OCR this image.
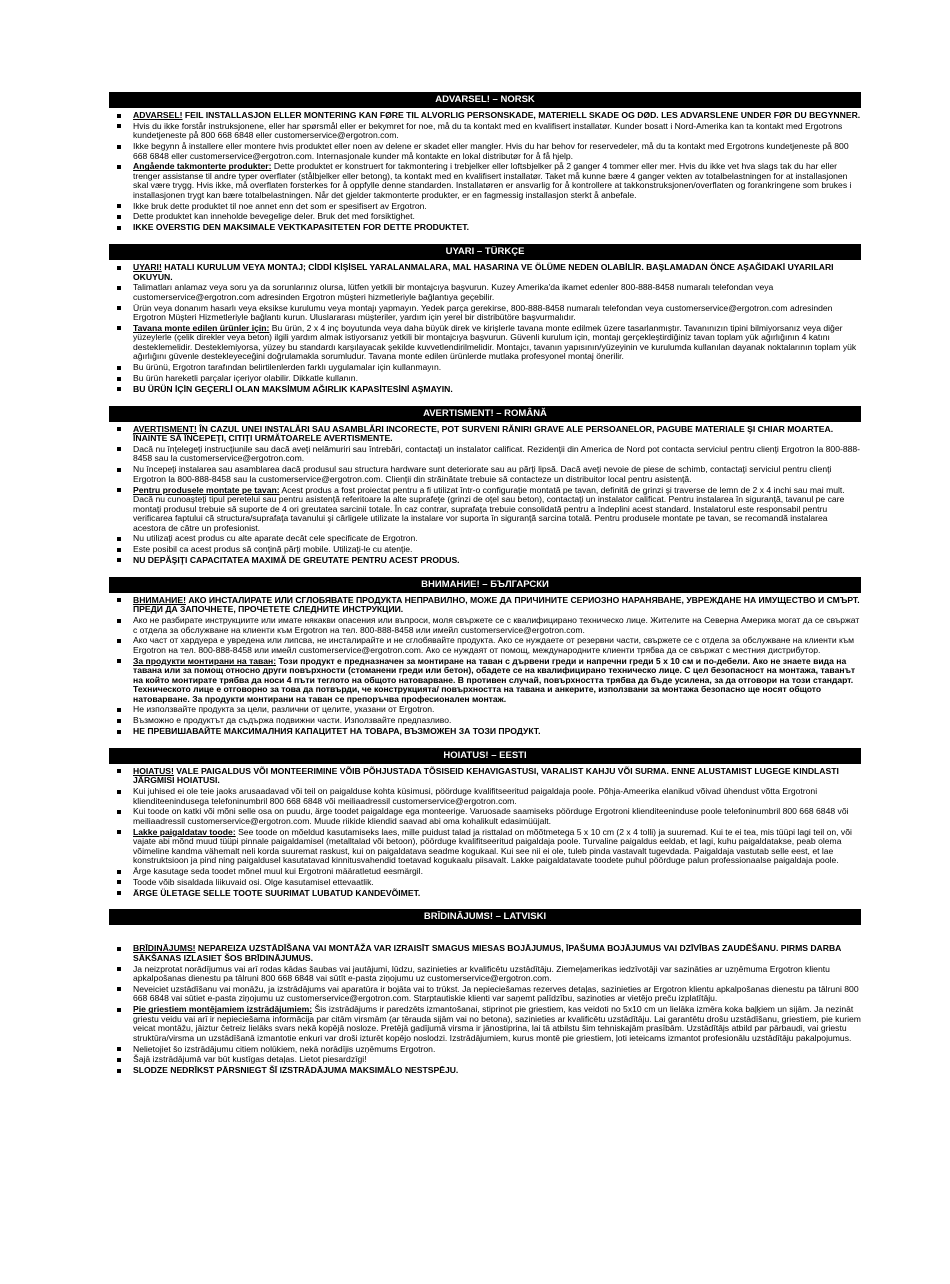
ADVARSEL! – NORSK
ADVARSEL! FEIL INSTALLASJON ELLER MONTERING KAN FØRE TIL ALVORLIG PERSONSKADE, MATERIELL SKADE OG DØD. LES ADVARSLENE UNDER FØR DU BEGYNNER.
Hvis du ikke forstår instruksjonene, eller har spørsmål eller er bekymret for noe, må du ta kontakt med en kvalifisert installatør. Kunder bosatt i Nord-Amerika kan ta kontakt med Ergotrons kundetjeneste på 800 668 6848 eller customerservice@ergotron.com.
Ikke begynn å installere eller montere hvis produktet eller noen av delene er skadet eller mangler. Hvis du har behov for reservedeler, må du ta kontakt med Ergotrons kundetjeneste på 800 668 6848 eller customerservice@ergotron.com. Internasjonale kunder må kontakte en lokal distributør for å få hjelp.
Angående takmonterte produkter: Dette produktet er konstruert for takmontering i trebjelker eller loftsbjelker på 2 ganger 4 tommer eller mer. Hvis du ikke vet hva slags tak du har eller trenger assistanse til andre typer overflater (stålbjelker eller betong), ta kontakt med en kvalifisert installatør. Taket må kunne bære 4 ganger vekten av totalbelastningen for at installasjonen skal være trygg. Hvis ikke, må overflaten forsterkes for å oppfylle denne standarden. Installatøren er ansvarlig for å kontrollere at takkonstruksjonen/overflaten og forankringene som brukes i installasjonen trygt kan bære totalbelastningen. Når det gjelder takmonterte produkter, er en fagmessig installasjon sterkt å anbefale.
Ikke bruk dette produktet til noe annet enn det som er spesifisert av Ergotron.
Dette produktet kan inneholde bevegelige deler. Bruk det med forsiktighet.
IKKE OVERSTIG DEN MAKSIMALE VEKTKAPASITETEN FOR DETTE PRODUKTET.
UYARI – TÜRKÇE
UYARI! HATALI KURULUM VEYA MONTAJ; CİDDİ KİŞİSEL YARALANMALARA, MAL HASARINA VE ÖLÜME NEDEN OLABİLİR. BAŞLAMADAN ÖNCE AŞAĞIDAKİ UYARILARI OKUYUN.
Talimatları anlamaz veya soru ya da sorunlarınız olursa, lütfen yetkili bir montajcıya başvurun. Kuzey Amerika'da ikamet edenler 800-888-8458 numaralı telefondan veya customerservice@ergotron.com adresinden Ergotron müşteri hizmetleriyle bağlantıya geçebilir.
Ürün veya donanım hasarlı veya eksikse kurulumu veya montajı yapmayın. Yedek parça gerekirse, 800-888-8458 numaralı telefondan veya customerservice@ergotron.com adresinden Ergotron Müşteri Hizmetleriyle bağlantı kurun. Uluslararası müşteriler, yardım için yerel bir distribütöre başvurmalıdır.
Tavana monte edilen ürünler için: Bu ürün, 2 x 4 inç boyutunda veya daha büyük direk ve kirişlerle tavana monte edilmek üzere tasarlanmıştır. Tavanınızın tipini bilmiyorsanız veya diğer yüzeylerle (çelik direkler veya beton) ilgili yardım almak istiyorsanız yetkili bir montajcıya başvurun. Güvenli kurulum için, montajı gerçekleştirdiğiniz tavan toplam yük ağırlığının 4 katını desteklemelidir. Desteklemiyorsa, yüzey bu standardı karşılayacak şekilde kuvvetlendirilmelidir. Montajcı, tavanın yapısının/yüzeyinin ve kurulumda kullanılan dayanak noktalarının toplam yük ağırlığını güvenle destekleyeceğini doğrulamakla sorumludur. Tavana monte edilen ürünlerde mutlaka profesyonel montaj önerilir.
Bu ürünü, Ergotron tarafından belirtilenlerden farklı uygulamalar için kullanmayın.
Bu ürün hareketli parçalar içeriyor olabilir. Dikkatle kullanın.
BU ÜRÜN İÇİN GEÇERLİ OLAN MAKSİMUM AĞIRLIK KAPASİTESİNİ AŞMAYIN.
AVERTISMENT! – ROMÂNĂ
AVERTISMENT! ÎN CAZUL UNEI INSTALĂRI SAU ASAMBLĂRI INCORECTE, POT SURVENI RĂNIRI GRAVE ALE PERSOANELOR, PAGUBE MATERIALE ŞI CHIAR MOARTEA. ÎNAINTE SĂ ÎNCEPEŢI, CITIŢI URMĂTOARELE AVERTISMENTE.
Dacă nu înţelegeţi instrucţiunile sau dacă aveţi nelămuriri sau întrebări, contactaţi un instalator calificat. Rezidenţii din America de Nord pot contacta serviciul pentru clienţi Ergotron la 800-888-8458 sau la customerservice@ergotron.com.
Nu începeţi instalarea sau asamblarea dacă produsul sau structura hardware sunt deteriorate sau au părţi lipsă. Dacă aveţi nevoie de piese de schimb, contactaţi serviciul pentru clienţi Ergotron la 800-888-8458 sau la customerservice@ergotron.com. Clienţii din străinătate trebuie să contacteze un distribuitor local pentru asistenţă.
Pentru produsele montate pe tavan: Acest produs a fost proiectat pentru a fi utilizat într-o configuraţie montată pe tavan, definită de grinzi şi traverse de lemn de 2 x 4 inchi sau mai mult. Dacă nu cunoaşteţi tipul peretelui sau pentru asistenţă referitoare la alte suprafeţe (grinzi de oţel sau beton), contactaţi un instalator calificat. Pentru instalarea în siguranţă, tavanul pe care montaţi produsul trebuie să suporte de 4 ori greutatea sarcinii totale. În caz contrar, suprafaţa trebuie consolidată pentru a îndeplini acest standard. Instalatorul este responsabil pentru verificarea faptului că structura/suprafaţa tavanului şi cârligele utilizate la instalare vor suporta în siguranţă sarcina totală. Pentru produsele montate pe tavan, se recomandă instalarea acestora de către un profesionist.
Nu utilizaţi acest produs cu alte aparate decât cele specificate de Ergotron.
Este posibil ca acest produs să conţină părţi mobile. Utilizaţi-le cu atenţie.
NU DEPĂŞIŢI CAPACITATEA MAXIMĂ DE GREUTATE PENTRU ACEST PRODUS.
ВНИМАНИЕ! – БЪЛГАРСКИ
ВНИМАНИЕ! АКО ИНСТАЛИРАТЕ ИЛИ СГЛОБЯВАТЕ ПРОДУКТА НЕПРАВИЛНО, МОЖЕ ДА ПРИЧИНИТЕ СЕРИОЗНО НАРАНЯВАНЕ, УВРЕЖДАНЕ НА ИМУЩЕСТВО И СМЪРТ. ПРЕДИ ДА ЗАПОЧНЕТЕ, ПРОЧЕТЕТЕ СЛЕДНИТЕ ИНСТРУКЦИИ.
Ако не разбирате инструкциите или имате някакви опасения или въпроси, моля свържете се с квалифицирано техническо лице. Жителите на Северна Америка могат да се свържат с отдела за обслужване на клиенти към Ergotron на тел. 800-888-8458 или имейл customerservice@ergotron.com.
Ако част от хардуера е увредена или липсва, не инсталирайте и не сглобявайте продукта. Ако се нуждаете от резервни части, свържете се с отдела за обслужване на клиенти към Ergotron на тел. 800-888-8458 или имейл customerservice@ergotron.com. Ако се нуждаят от помощ, международните клиенти трябва да се свържат с местния дистрибутор.
За продукти монтирани на таван: Този продукт е предназначен за монтиране на таван с дървени греди и напречни греди 5 х 10 см и по-дебели. Ако не знаете вида на тавана или за помощ относно други повърхности (стоманени греди или бетон), обадете се на квалифицирано техническо лице. С цел безопасност на монтажа, таванът на който монтирате трябва да носи 4 пъти теглото на общото натоварване. В противен случай, повърхността трябва да бъде усилена, за да отговори на този стандарт. Техническото лице е отговорно за това да потвърди, че конструкцията/ повърхността на тавана и анкерите, използвани за монтажа безопасно ще носят общото натоварване. За продукти монтирани на таван се препоръчва професионален монтаж.
Не използвайте продукта за цели, различни от целите, указани от Ergotron.
Възможно е продуктът да съдържа подвижни части. Използвайте предпазливо.
НЕ ПРЕВИШАВАЙТЕ МАКСИМАЛНИЯ КАПАЦИТЕТ НА ТОВАРА, ВЪЗМОЖЕН ЗА ТОЗИ ПРОДУКТ.
HOIATUS! – EESTI
HOIATUS! VALE PAIGALDUS VÕI MONTEERIMINE VÕIB PÕHJUSTADA TÕSISEID KEHAVIGASTUSI, VARALIST KAHJU VÕI SURMA. ENNE ALUSTAMIST LUGEGE KINDLASTI JÄRGMISI HOIATUSI.
Kui juhised ei ole teie jaoks arusaadavad või teil on paigalduse kohta küsimusi, pöörduge kvalifitseeritud paigaldaja poole. Põhja-Ameerika elanikud võivad ühendust võtta Ergotroni klienditeenindusega telefoninumbril 800 668 6848 või meiliaadressil customerservice@ergotron.com.
Kui toode on katki või mõni selle osa on puudu, ärge toodet paigaldage ega monteerige. Varuosade saamiseks pöörduge Ergotroni klienditeeninduse poole telefoninumbril 800 668 6848 või meiliaadressil customerservice@ergotron.com. Muude riikide kliendid saavad abi oma kohalikult edasimüüjalt.
Lakke paigaldatav toode: See toode on mõeldud kasutamiseks laes, mille puidust talad ja risttalad on mõõtmetega 5 x 10 cm (2 x 4 tolli) ja suuremad. Kui te ei tea, mis tüüpi lagi teil on, või vajate abi mõnd muud tüüpi pinnale paigaldamisel (metalltalad või betoon), pöörduge kvalifitseeritud paigaldaja poole. Turvaline paigaldus eeldab, et lagi, kuhu paigaldatakse, peab olema võimeline kandma vähemalt neli korda suuremat raskust, kui on paigaldatava seadme kogukaal. Kui see nii ei ole, tuleb pinda vastavalt tugevdada. Paigaldaja vastutab selle eest, et lae konstruktsioon ja pind ning paigaldusel kasutatavad kinnitusvahendid toetavad kogukaalu piisavalt. Lakke paigaldatavate toodete puhul pöörduge palun professionaalse paigaldaja poole.
Ärge kasutage seda toodet mõnel muul kui Ergotroni määratletud eesmärgil.
Toode võib sisaldada liikuvaid osi. Olge kasutamisel ettevaatlik.
ÄRGE ÜLETAGE SELLE TOOTE SUURIMAT LUBATUD KANDEVÕIMET.
BRĪDINĀJUMS! – LATVISKI
BRĪDINĀJUMS! NEPAREIZA UZSTĀDĪŠANA VAI MONTĀŽA VAR IZRAISĪT SMAGUS MIESAS BOJĀJUMUS, ĪPAŠUMA BOJĀJUMUS VAI DZĪVĪBAS ZAUDĒŠANU. PIRMS DARBA SĀKŠANAS IZLASIET ŠOS BRĪDINĀJUMUS.
Ja neizprotat norādījumus vai arī rodas kādas šaubas vai jautājumi, lūdzu, sazinieties ar kvalificētu uzstādītāju. Ziemeļamerikas iedzīvotāji var sazināties ar uzņēmuma Ergotron klientu apkalpošanas dienestu pa tālruni 800 668 6848 vai sūtīt e-pasta ziņojumu uz customerservice@ergotron.com.
Neveiciet uzstādīšanu vai monāžu, ja izstrādājums vai aparatūra ir bojāta vai to trūkst. Ja nepieciešamas rezerves detaļas, sazinieties ar Ergotron klientu apkalpošanas dienestu pa tālruni 800 668 6848 vai sūtiet e-pasta ziņojumu uz customerservice@ergotron.com. Starptautiskie klienti var saņemt palīdzību, sazinoties ar vietējo preču izplatītāju.
Pie griestiem montējamiem izstrādājumiem: Šis izstrādājums ir paredzēts izmantošanai, stiprinot pie griestiem, kas veidoti no 5x10 cm un lielāka izmēra koka baļķiem un sijām. Ja nezināt griestu veidu vai arī ir nepieciešama informācija par citām virsmām (ar tērauda sijām vai no betona), sazinieties ar kvalificētu uzstādītāju. Lai garantētu drošu uzstādīšanu, griestiem, pie kuriem veicat montāžu, jāiztur četreiz lielāks svars nekā kopējā nosloze. Pretējā gadījumā virsma ir jānostiprina, lai tā atbilstu šim tehniskajām prasībām. Uzstādītājs atbild par pārbaudi, vai griestu struktūra/virsma un uzstādīšanā izmantotie enkuri var droši izturēt kopējo noslodzi. Izstrādājumiem, kurus montē pie griestiem, ļoti ieteicams izmantot profesionālu uzstādītāju pakalpojumus.
Nelietojiet šo izstrādājumu citiem nolūkiem, nekā norādījis uzņēmums Ergotron.
Šajā izstrādājumā var būt kustīgas detaļas. Lietot piesardzīgi!
SLODZE NEDRĪKST PĀRSNIEGT ŠĪ IZSTRĀDĀJUMA MAKSIMĀLO NESTSPĒJU.
